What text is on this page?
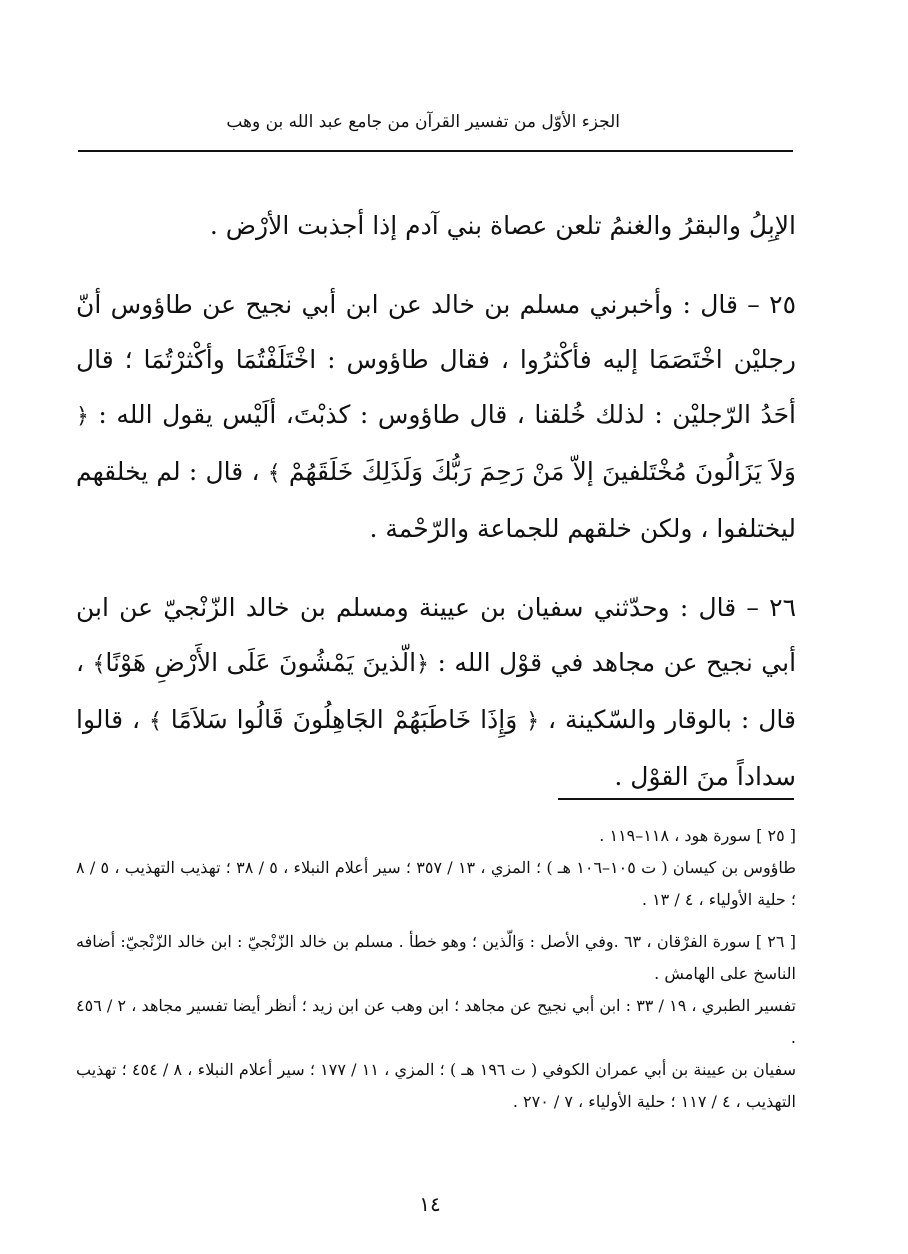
الجزء الأوّل من تفسير القرآن من جامع عبد الله بن وهب

الإبِلُ والبقرُ والغنمُ تلعن عصاة بني آدم إذا أجذبت الأرْض .

٢٥ – قال : وأخبرني مسلم بن خالد عن ابن أبي نجيح عن طاؤوس أنّ رجليْن اخْتَصَمَا إليه فأكْثرُوا ، فقال طاؤوس : اخْتَلَفْتُمَا وأكْثرْتُمَا ؛ قال أحَدُ الرّجليْن : لذلك خُلقنا ، قال طاؤوس : كذبْتَ، ألَيْس يقول الله : ﴿ وَلاَ يَزَالُونَ مُخْتَلفينَ إلاّ مَنْ رَحِمَ رَبُّكَ وَلَذَلِكَ خَلَقَهُمْ ﴾ ، قال : لم يخلقهم ليختلفوا ، ولكن خلقهم للجماعة والرّحْمة .

٢٦ – قال : وحدّثني سفيان بن عيينة ومسلم بن خالد الزّنْجيّ عن ابن أبي نجيح عن مجاهد في قوْل الله : ﴿الّذينَ يَمْشُونَ عَلَى الأَرْضِ هَوْنًا﴾ ، قال : بالوقار والسّكينة ، ﴿ وَإِذَا خَاطَبَهُمْ الجَاهِلُونَ قَالُوا سَلاَمًا ﴾ ، قالوا سداداً منَ القوْل .

[ ٢٥ ] سورة هود ، ١١٨–١١٩ .

طاؤوس بن كيسان ( ت ١٠٥–١٠٦ هـ ) ؛ المزي ، ١٣ / ٣٥٧ ؛ سير أعلام النبلاء ، ٥ / ٣٨ ؛ تهذيب التهذيب ، ٥ / ٨ ؛ حلية الأولياء ، ٤ / ١٣ .

[ ٢٦ ] سورة الفرْقان ، ٦٣ .وفي الأصل : وَالّذين ؛ وهو خطأ . مسلم بن خالد الزّنْجيّ : ابن خالد الزّنْجيّ: أضافه الناسخ على الهامش .

تفسير الطبري ، ١٩ / ٣٣ : ابن أبي نجيح عن مجاهد ؛ ابن وهب عن ابن زيد ؛ أنظر أيضا تفسير مجاهد ، ٢ / ٤٥٦ .

سفيان بن عيينة بن أبي عمران الكوفي ( ت ١٩٦ هـ ) ؛ المزي ، ١١ / ١٧٧ ؛ سير أعلام النبلاء ، ٨ / ٤٥٤ ؛ تهذيب التهذيب ، ٤ / ١١٧ ؛ حلية الأولياء ، ٧ / ٢٧٠ .

١٤
